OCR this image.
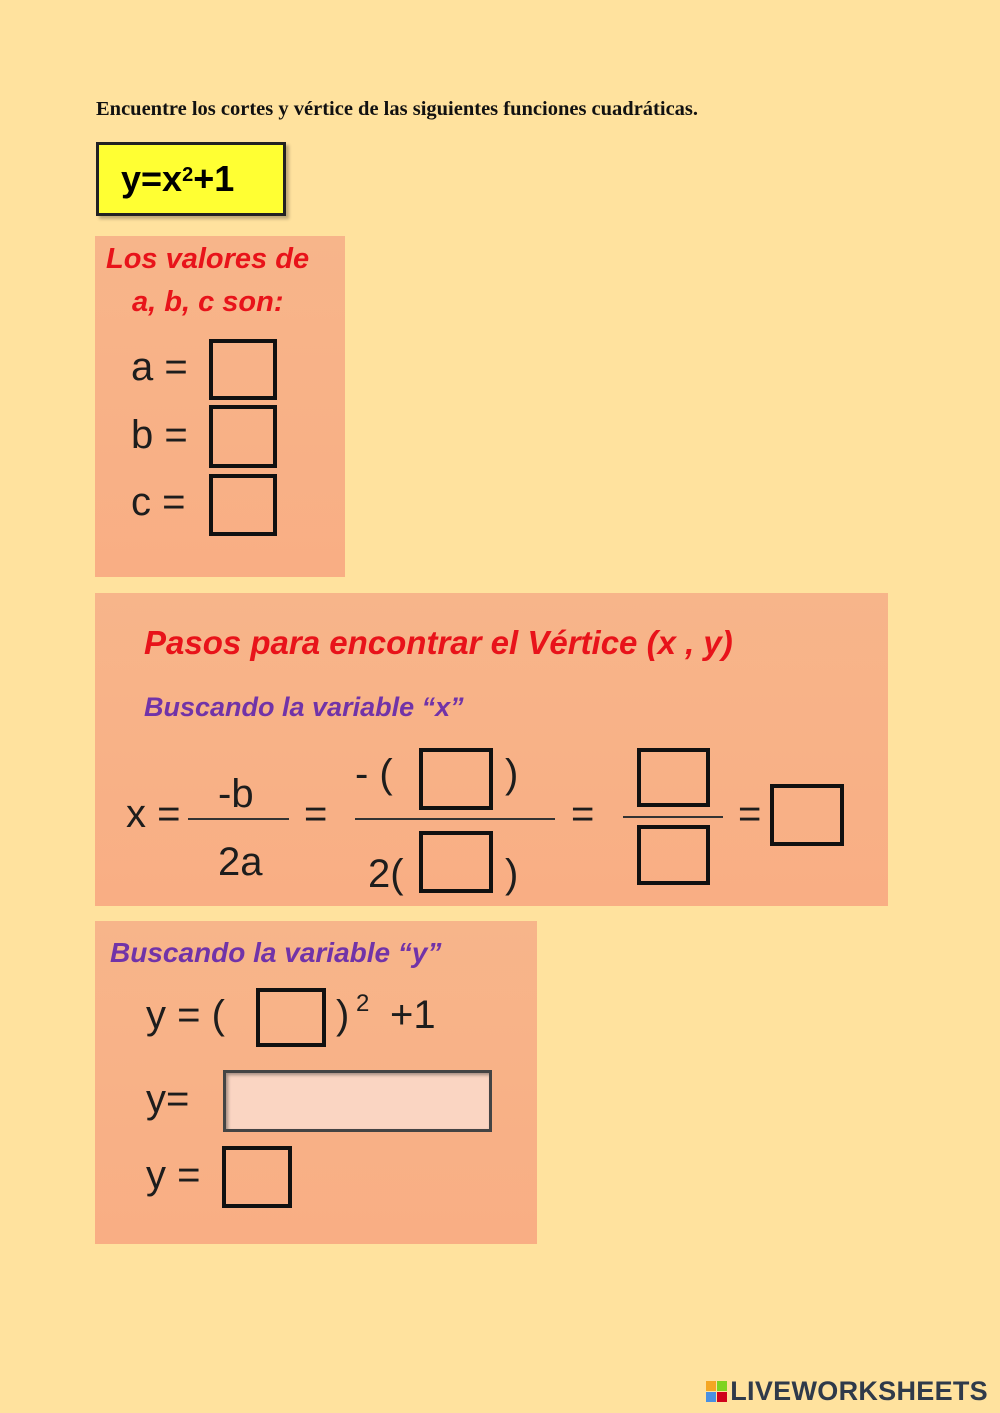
Encuentre los cortes y vértice de las siguientes funciones cuadráticas.
$y=x^2 +1$
Los valores de
a, b, c son:
a =
b =
c =
Pasos para encontrar el Vértice (x , y)
Buscando la variable “x”
x = -b
2a
=
- (	)
2(	)
=	=
Buscando la variable “y”
y = (	) 2 +1
y=
y =
LIVEWORKSHEETS
